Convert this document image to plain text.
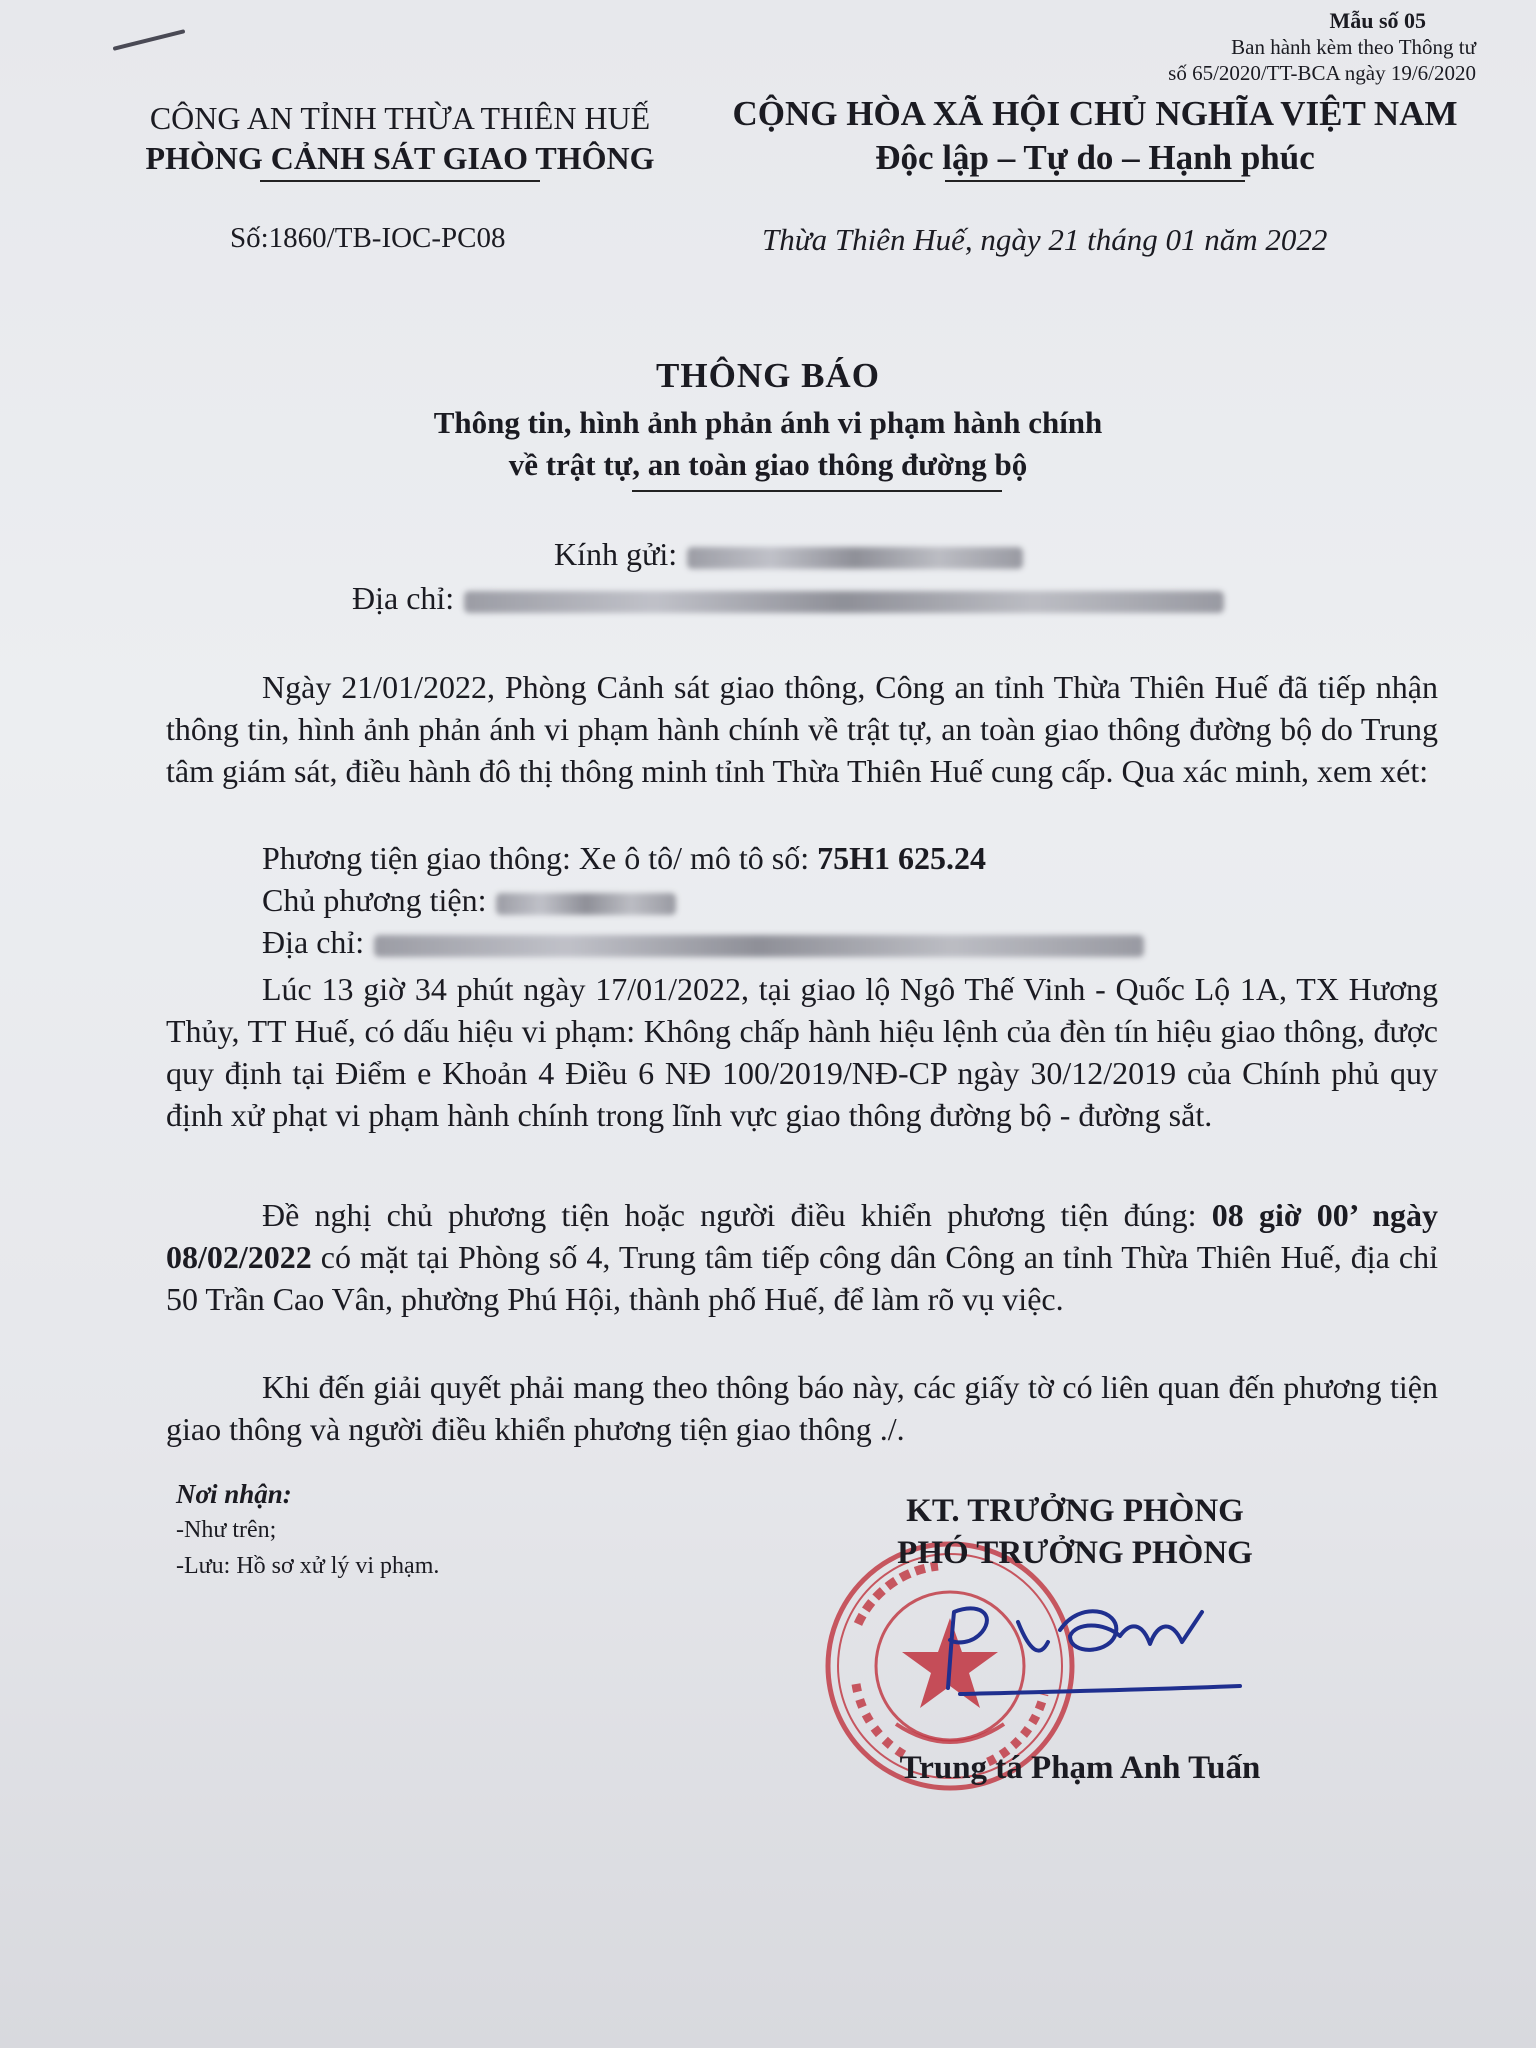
Mẫu số 05
Ban hành kèm theo Thông tư
số 65/2020/TT-BCA ngày 19/6/2020
CÔNG AN TỈNH THỪA THIÊN HUẾ
PHÒNG CẢNH SÁT GIAO THÔNG
CỘNG HÒA XÃ HỘI CHỦ NGHĨA VIỆT NAM
Độc lập – Tự do – Hạnh phúc
Số:1860/TB-IOC-PC08	Thừa Thiên Huế, ngày 21 tháng 01 năm 2022
THÔNG BÁO
Thông tin, hình ảnh phản ánh vi phạm hành chính
về trật tự, an toàn giao thông đường bộ
Kính gửi:
Địa chỉ:
Ngày 21/01/2022, Phòng Cảnh sát giao thông, Công an tỉnh Thừa Thiên Huế đã tiếp nhận thông tin, hình ảnh phản ánh vi phạm hành chính về trật tự, an toàn giao thông đường bộ do Trung tâm giám sát, điều hành đô thị thông minh tỉnh Thừa Thiên Huế cung cấp. Qua xác minh, xem xét:
Phương tiện giao thông: Xe ô tô/ mô tô số: 75H1 625.24
Chủ phương tiện:
Địa chỉ:
Lúc 13 giờ 34 phút ngày 17/01/2022, tại giao lộ Ngô Thế Vinh - Quốc Lộ 1A, TX Hương Thủy, TT Huế, có dấu hiệu vi phạm: Không chấp hành hiệu lệnh của đèn tín hiệu giao thông, được quy định tại Điểm e Khoản 4 Điều 6 NĐ 100/2019/NĐ-CP ngày 30/12/2019 của Chính phủ quy định xử phạt vi phạm hành chính trong lĩnh vực giao thông đường bộ - đường sắt.
Đề nghị chủ phương tiện hoặc người điều khiển phương tiện đúng: 08 giờ 00’ ngày 08/02/2022 có mặt tại Phòng số 4, Trung tâm tiếp công dân Công an tỉnh Thừa Thiên Huế, địa chỉ 50 Trần Cao Vân, phường Phú Hội, thành phố Huế, để làm rõ vụ việc.
Khi đến giải quyết phải mang theo thông báo này, các giấy tờ có liên quan đến phương tiện giao thông và người điều khiển phương tiện giao thông ./.
Nơi nhận:
-Như trên;
-Lưu: Hồ sơ xử lý vi phạm.
KT. TRƯỞNG PHÒNG
PHÓ TRƯỞNG PHÒNG
Trung tá Phạm Anh Tuấn
